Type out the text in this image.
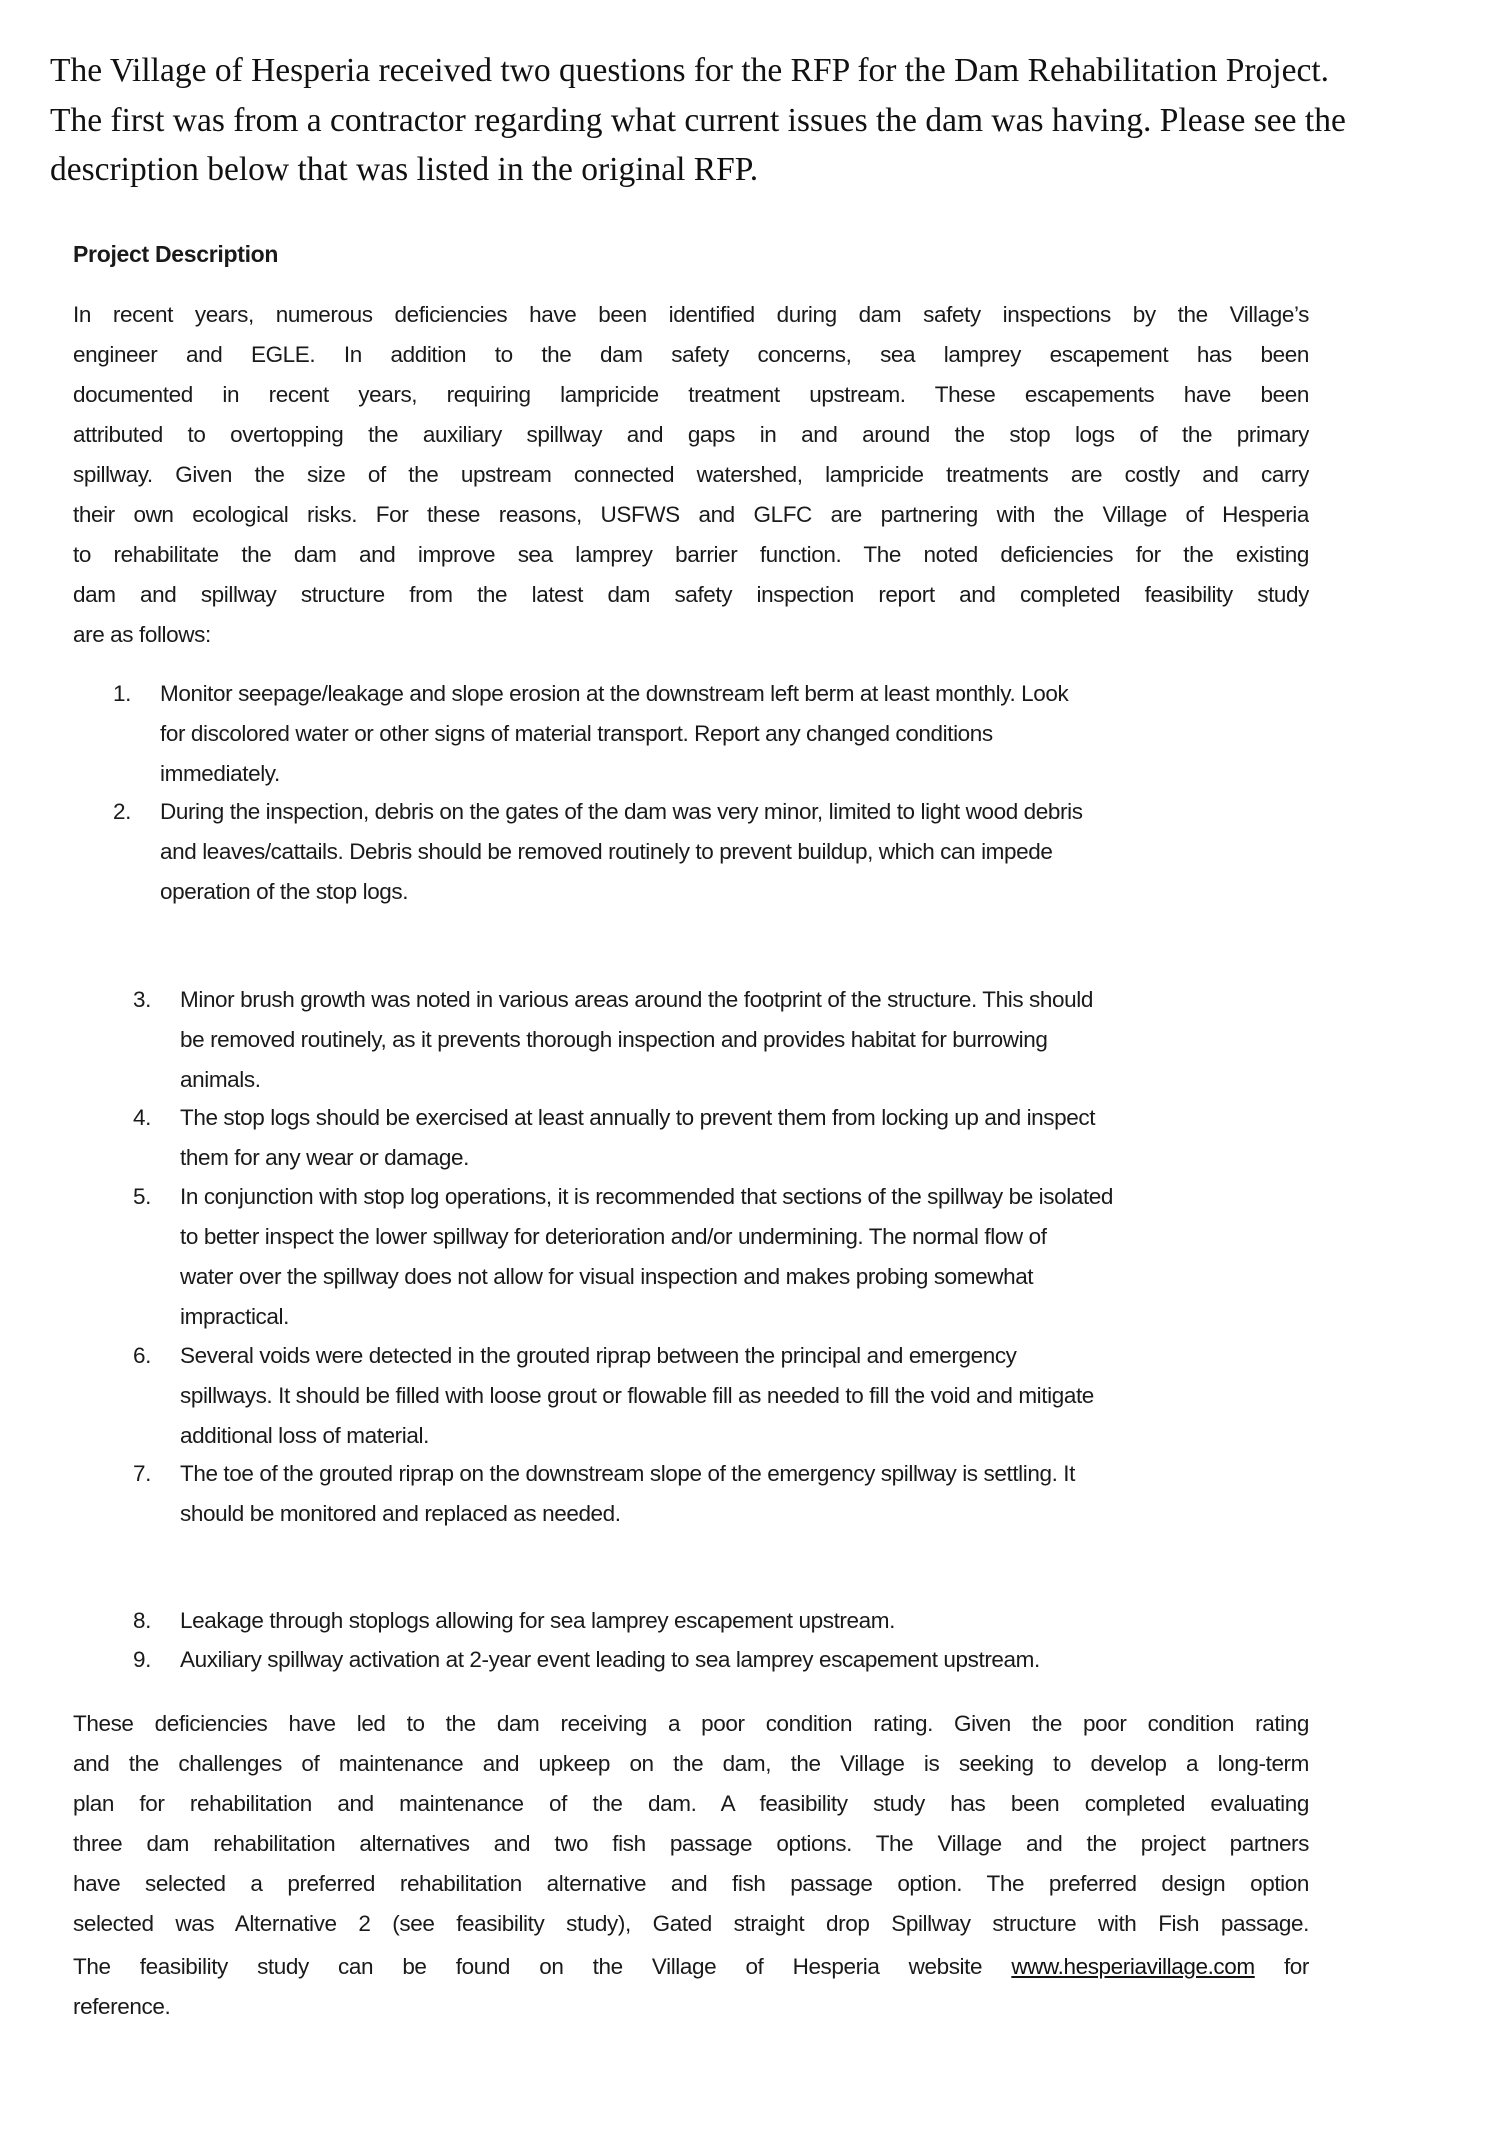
The Village of Hesperia received two questions for the RFP for the Dam Rehabilitation Project.
The first was from a contractor regarding what current issues the dam was having. Please see the
description below that was listed in the original RFP.
Project Description
In recent years, numerous deficiencies have been identified during dam safety inspections by the Village’s
engineer and EGLE. In addition to the dam safety concerns, sea lamprey escapement has been
documented in recent years, requiring lampricide treatment upstream. These escapements have been
attributed to overtopping the auxiliary spillway and gaps in and around the stop logs of the primary
spillway. Given the size of the upstream connected watershed, lampricide treatments are costly and carry
their own ecological risks. For these reasons, USFWS and GLFC are partnering with the Village of Hesperia
to rehabilitate the dam and improve sea lamprey barrier function. The noted deficiencies for the existing
dam and spillway structure from the latest dam safety inspection report and completed feasibility study
are as follows:
1. Monitor seepage/leakage and slope erosion at the downstream left berm at least monthly. Look
for discolored water or other signs of material transport. Report any changed conditions
immediately.
2. During the inspection, debris on the gates of the dam was very minor, limited to light wood debris
and leaves/cattails. Debris should be removed routinely to prevent buildup, which can impede
operation of the stop logs.
3. Minor brush growth was noted in various areas around the footprint of the structure. This should
be removed routinely, as it prevents thorough inspection and provides habitat for burrowing
animals.
4. The stop logs should be exercised at least annually to prevent them from locking up and inspect
them for any wear or damage.
5. In conjunction with stop log operations, it is recommended that sections of the spillway be isolated
to better inspect the lower spillway for deterioration and/or undermining. The normal flow of
water over the spillway does not allow for visual inspection and makes probing somewhat
impractical.
6. Several voids were detected in the grouted riprap between the principal and emergency
spillways. It should be filled with loose grout or flowable fill as needed to fill the void and mitigate
additional loss of material.
7. The toe of the grouted riprap on the downstream slope of the emergency spillway is settling. It
should be monitored and replaced as needed.
8. Leakage through stoplogs allowing for sea lamprey escapement upstream.
9. Auxiliary spillway activation at 2-year event leading to sea lamprey escapement upstream.
These deficiencies have led to the dam receiving a poor condition rating. Given the poor condition rating
and the challenges of maintenance and upkeep on the dam, the Village is seeking to develop a long-term
plan for rehabilitation and maintenance of the dam. A feasibility study has been completed evaluating
three dam rehabilitation alternatives and two fish passage options. The Village and the project partners
have selected a preferred rehabilitation alternative and fish passage option. The preferred design option
selected was Alternative 2 (see feasibility study), Gated straight drop Spillway structure with Fish passage.
The feasibility study can be found on the Village of Hesperia website www.hesperiavillage.com for
reference.
